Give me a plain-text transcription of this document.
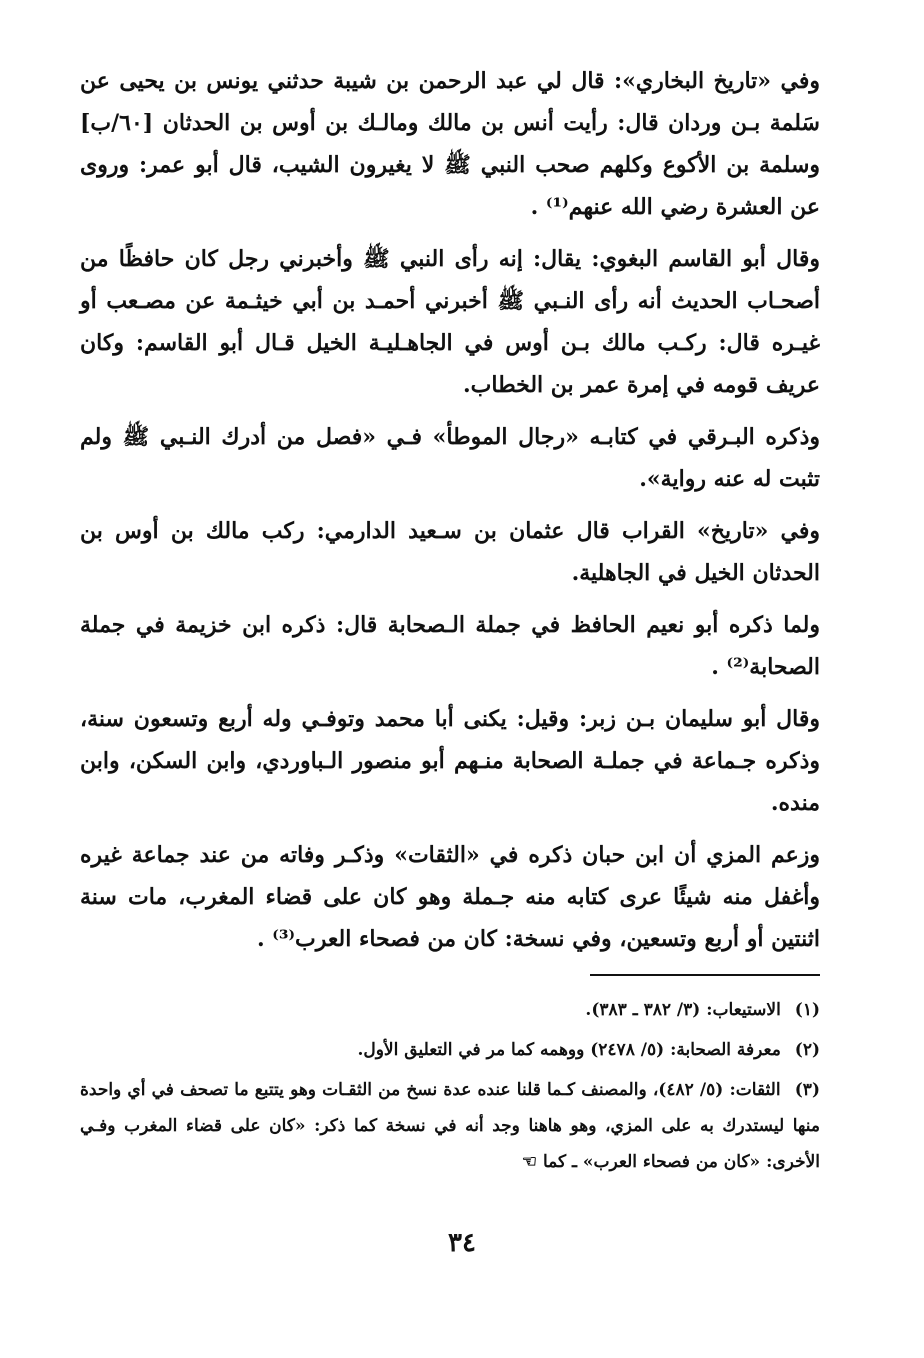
وفي «تاريخ البخاري»: قال لي عبد الرحمن بن شيبة حدثني يونس بن يحيى عن سَلمة بـن وردان قال: رأيت أنس بن مالك ومالـك بن أوس بن الحدثان [٦٠/ب] وسلمة بن الأكوع وكلهم صحب النبي ﷺ لا يغيرون الشيب، قال أبو عمر: وروى عن العشرة رضي الله عنهم⁽¹⁾ .

وقال أبو القاسم البغوي: يقال: إنه رأى النبي ﷺ وأخبرني رجل كان حافظًا من أصحـاب الحديث أنه رأى النـبي ﷺ أخبرني أحمـد بن أبي خيثـمة عن مصـعب أو غيـره قال: ركـب مالك بـن أوس في الجاهـليـة الخيل قـال أبو القاسم: وكان عريف قومه في إمرة عمر بن الخطاب.

وذكره البـرقي في كتابـه «رجال الموطأ» فـي «فصل من أدرك النـبي ﷺ ولم تثبت له عنه رواية».

وفي «تاريخ» القراب قال عثمان بن سـعيد الدارمي: ركب مالك بن أوس بن الحدثان الخيل في الجاهلية.

ولما ذكره أبو نعيم الحافظ في جملة الـصحابة قال: ذكره ابن خزيمة في جملة الصحابة⁽²⁾ .

وقال أبو سليمان بـن زبر: وقيل: يكنى أبا محمد وتوفـي وله أربع وتسعون سنة، وذكره جـماعة في جملـة الصحابة منـهم أبو منصور الـباوردي، وابن السكن، وابن منده.

وزعم المزي أن ابن حبان ذكره في «الثقات» وذكـر وفاته من عند جماعة غيره وأغفل منه شيئًا عرى كتابه منه جـملة وهو كان على قضاء المغرب، مات سنة اثنتين أو أربع وتسعين، وفي نسخة: كان من فصحاء العرب⁽³⁾ .

(١) الاستيعاب: (٣/ ٣٨٢ ـ ٣٨٣).
(٢) معرفة الصحابة: (٥/ ٢٤٧٨) ووهمه كما مر في التعليق الأول.
(٣) الثقات: (٥/ ٤٨٢)، والمصنف كـما قلنا عنده عدة نسخ من الثقـات وهو يتتبع ما تصحف في أي واحدة منها ليستدرك به على المزي، وهو هاهنا وجد أنه في نسخة كما ذكر: «كان على قضاء المغرب وفـي الأخرى: «كان من فصحاء العرب» ـ كما ☜
٣٤
